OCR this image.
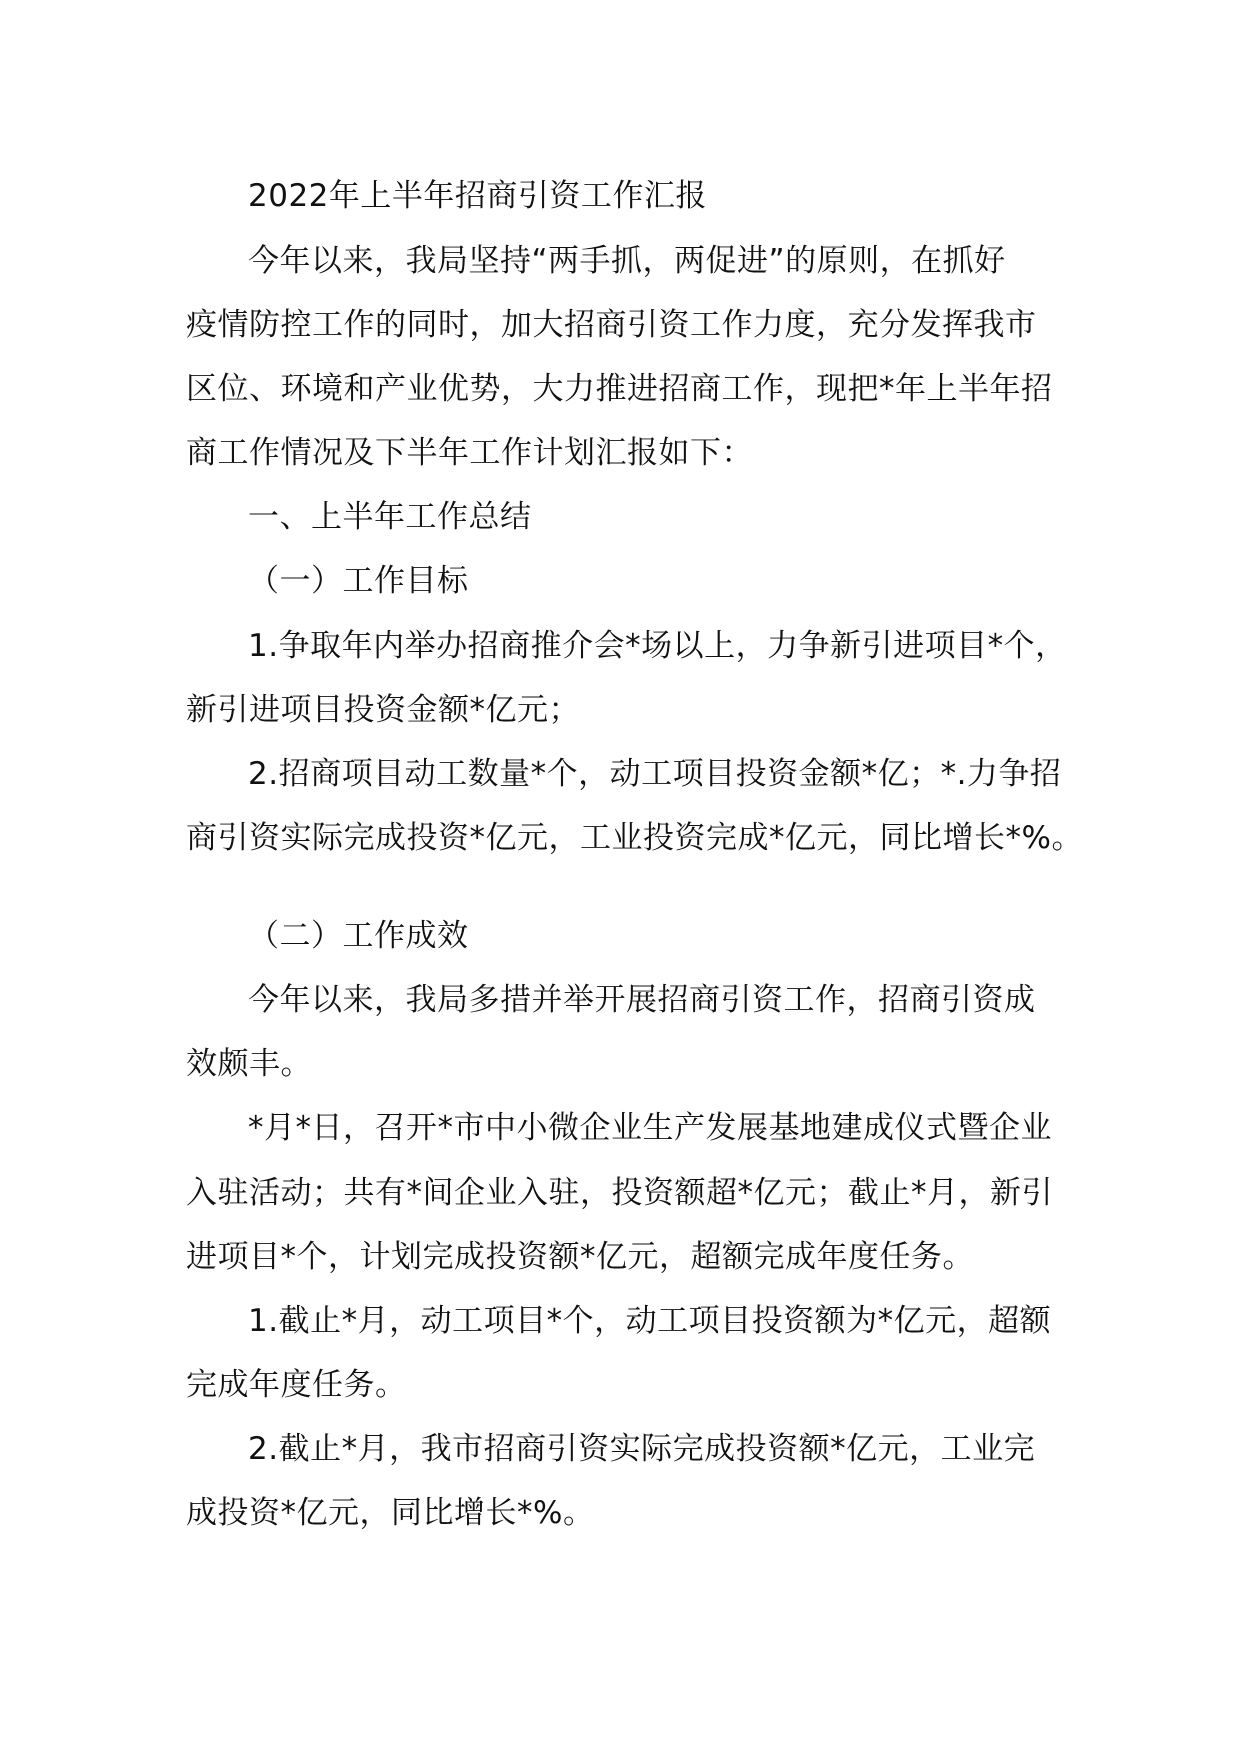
2022年上半年招商引资工作汇报
今年以来，我局坚持“两手抓，两促进”的原则，在抓好
疫情防控工作的同时，加大招商引资工作力度，充分发挥我市
区位、环境和产业优势，大力推进招商工作，现把*年上半年招
商工作情况及下半年工作计划汇报如下：
一、上半年工作总结
（一）工作目标
1.争取年内举办招商推介会*场以上，力争新引进项目*个，
新引进项目投资金额*亿元；
2.招商项目动工数量*个，动工项目投资金额*亿；*.力争招
商引资实际完成投资*亿元，工业投资完成*亿元，同比增长*%。
（二）工作成效
今年以来，我局多措并举开展招商引资工作，招商引资成
效颇丰。
*月*日，召开*市中小微企业生产发展基地建成仪式暨企业
入驻活动；共有*间企业入驻，投资额超*亿元；截止*月，新引
进项目*个，计划完成投资额*亿元，超额完成年度任务。
1.截止*月，动工项目*个，动工项目投资额为*亿元，超额
完成年度任务。
2.截止*月，我市招商引资实际完成投资额*亿元，工业完
成投资*亿元，同比增长*%。
